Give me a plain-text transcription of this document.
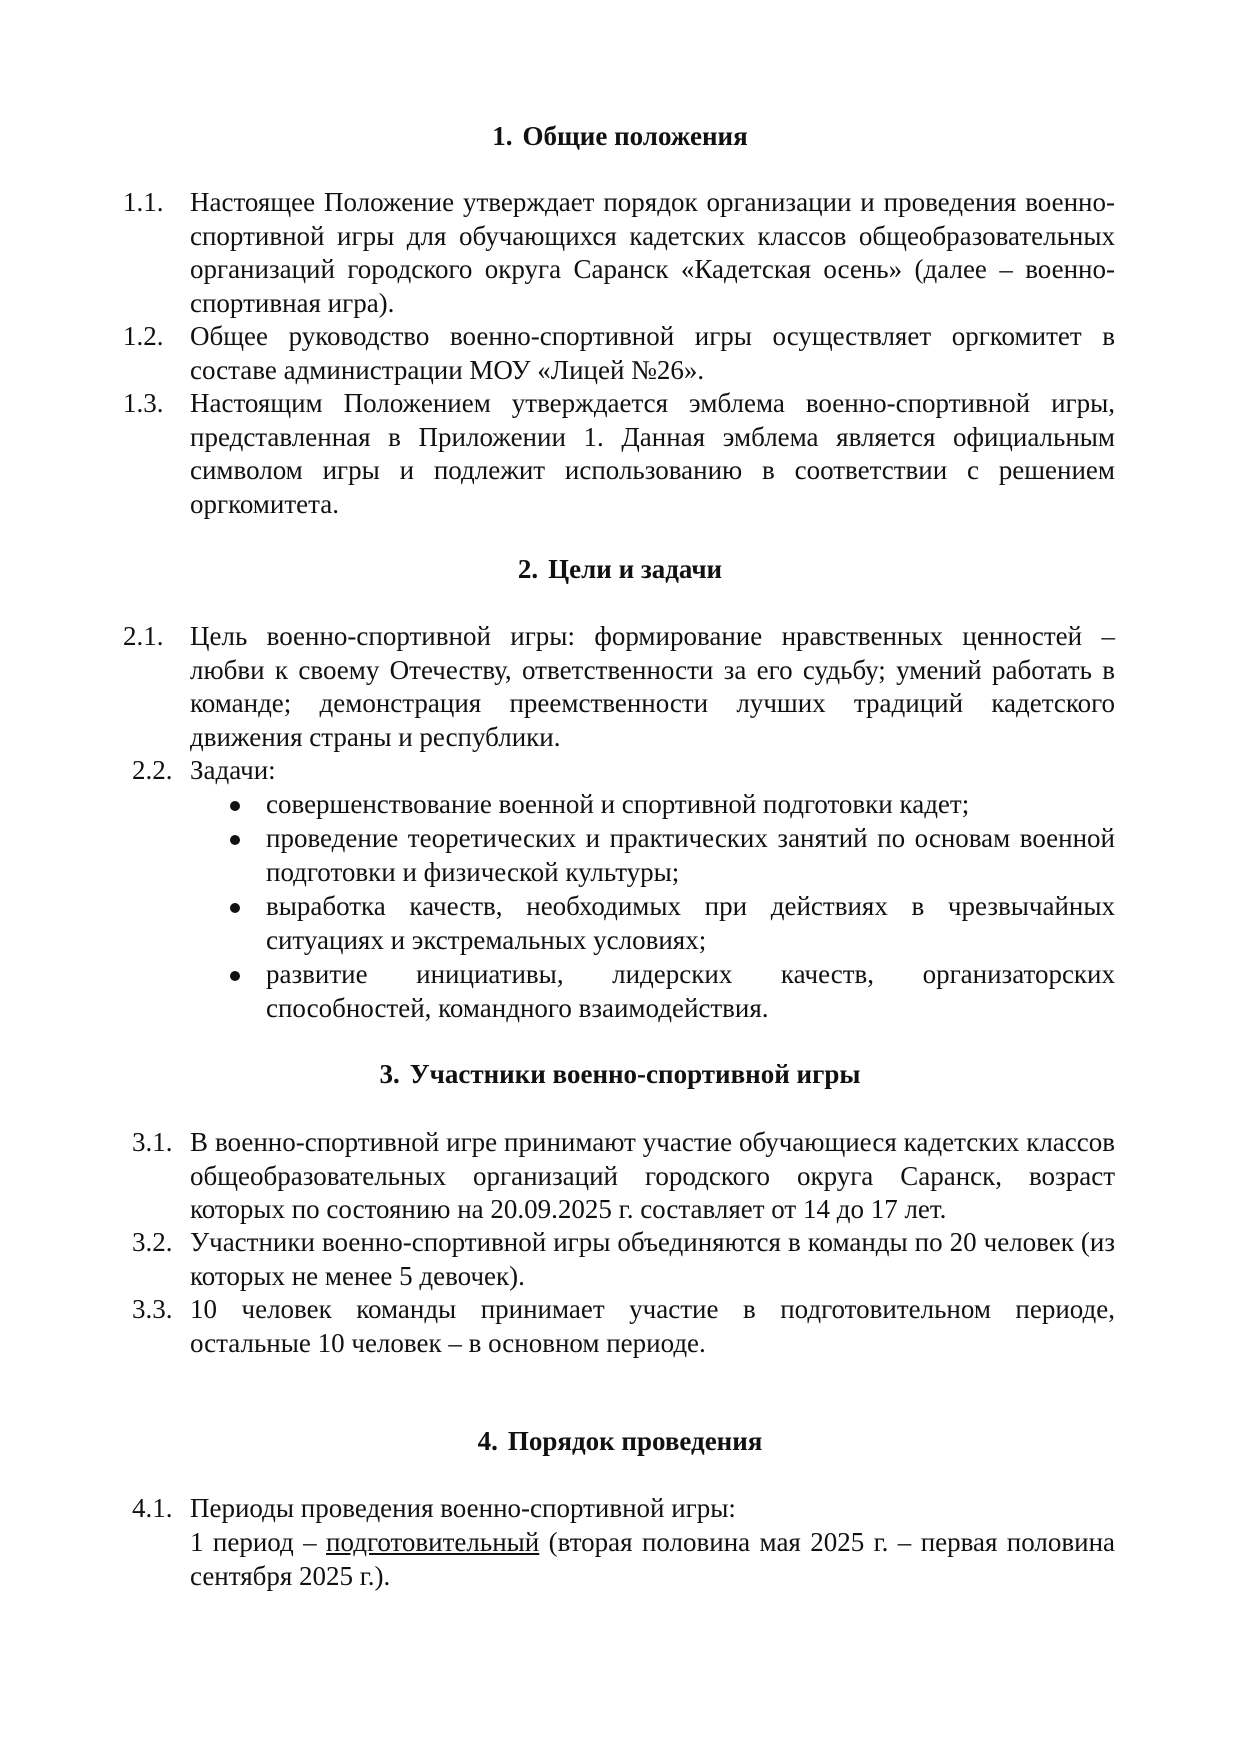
1. Общие положения
1.1. Настоящее Положение утверждает порядок организации и проведения военно-спортивной игры для обучающихся кадетских классов общеобразовательных организаций городского округа Саранск «Кадетская осень» (далее – военно-спортивная игра).
1.2. Общее руководство военно-спортивной игры осуществляет оргкомитет в составе администрации МОУ «Лицей №26».
1.3. Настоящим Положением утверждается эмблема военно-спортивной игры, представленная в Приложении 1. Данная эмблема является официальным символом игры и подлежит использованию в соответствии с решением оргкомитета.
2. Цели и задачи
2.1. Цель военно-спортивной игры: формирование нравственных ценностей – любви к своему Отечеству, ответственности за его судьбу; умений работать в команде; демонстрация преемственности лучших традиций кадетского движения страны и республики.
2.2. Задачи:
совершенствование военной и спортивной подготовки кадет;
проведение теоретических и практических занятий по основам военной подготовки и физической культуры;
выработка качеств, необходимых при действиях в чрезвычайных ситуациях и экстремальных условиях;
развитие инициативы, лидерских качеств, организаторских способностей, командного взаимодействия.
3. Участники военно-спортивной игры
3.1. В военно-спортивной игре принимают участие обучающиеся кадетских классов общеобразовательных организаций городского округа Саранск, возраст которых по состоянию на 20.09.2025 г. составляет от 14 до 17 лет.
3.2. Участники военно-спортивной игры объединяются в команды по 20 человек (из которых не менее 5 девочек).
3.3. 10 человек команды принимает участие в подготовительном периоде, остальные 10 человек – в основном периоде.
4. Порядок проведения
4.1. Периоды проведения военно-спортивной игры:
1 период – подготовительный (вторая половина мая 2025 г. – первая половина сентября 2025 г.).
